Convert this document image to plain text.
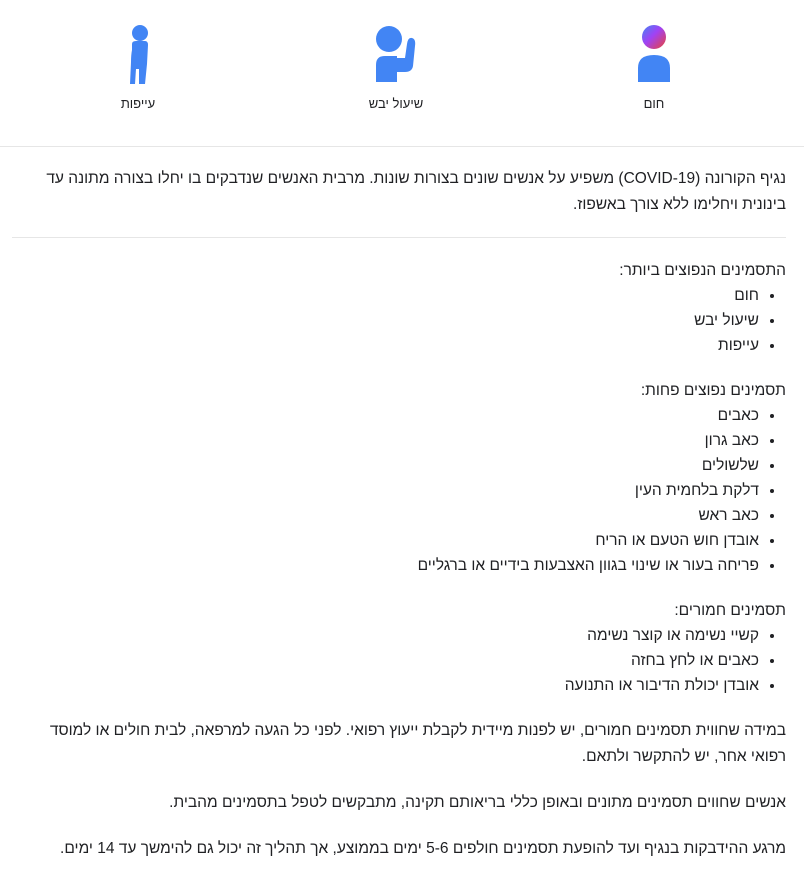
חום
שיעול יבש
עייפות
נגיף הקורונה (COVID-19) משפיע על אנשים שונים בצורות שונות. מרבית האנשים שנדבקים בו יחלו בצורה מתונה עד בינונית ויחלימו ללא צורך באשפוז.

התסמינים הנפוצים ביותר:

• חום
• שיעול יבש
• עייפות

תסמינים נפוצים פחות:

• כאבים
• כאב גרון
• שלשולים
• דלקת בלחמית העין
• כאב ראש
• אובדן חוש הטעם או הריח
• פריחה בעור או שינוי בגוון האצבעות בידיים או ברגליים

תסמינים חמורים:

• קשיי נשימה או קוצר נשימה
• כאבים או לחץ בחזה
• אובדן יכולת הדיבור או התנועה

במידה שחווית תסמינים חמורים, יש לפנות מיידית לקבלת ייעוץ רפואי. לפני כל הגעה למרפאה, לבית חולים או למוסד רפואי אחר, יש להתקשר ולתאם.

אנשים שחווים תסמינים מתונים ובאופן כללי בריאותם תקינה, מתבקשים לטפל בתסמינים מהבית.

מרגע ההידבקות בנגיף ועד להופעת תסמינים חולפים 5-6 ימים בממוצע, אך תהליך זה יכול גם להימשך עד 14 ימים.
